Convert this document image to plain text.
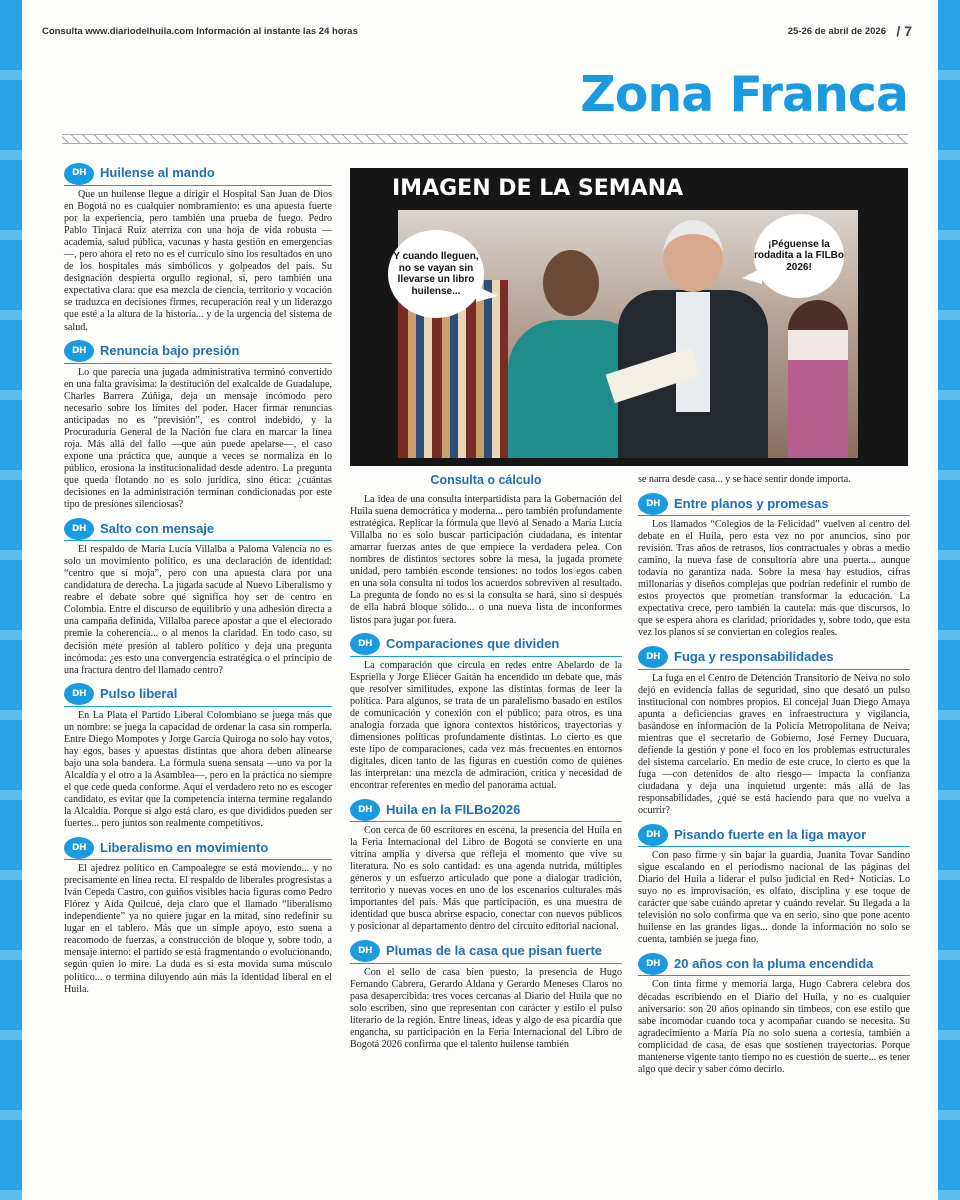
Consulta www.diariodelhuila.com Información al instante las 24 horas	25-26 de abril de 2026 / 7
Zona Franca
IMAGEN DE LA SEMANA
Y cuando lleguen, no se vayan sin llevarse un libro huilense...
¡Péguense la rodadita a la FILBo 2026!
DH	Huilense al mando

Que un huilense llegue a dirigir el Hospital San Juan de Dios en Bogotá no es cualquier nombramiento: es una apuesta fuerte por la experiencia, pero también una prueba de fuego. Pedro Pablo Tinjacá Ruiz aterriza con una hoja de vida robusta —academia, salud pública, vacunas y hasta gestión en emergencias—, pero ahora el reto no es el currículo sino los resultados en uno de los hospitales más simbólicos y golpeados del país. Su designación despierta orgullo regional, sí, pero también una expectativa clara: que esa mezcla de ciencia, territorio y vocación se traduzca en decisiones firmes, recuperación real y un liderazgo que esté a la altura de la historia... y de la urgencia del sistema de salud.

DH	Renuncia bajo presión

Lo que parecía una jugada administrativa terminó convertido en una falta gravísima: la destitución del exalcalde de Guadalupe, Charles Barrera Zúñiga, deja un mensaje incómodo pero necesario sobre los límites del poder. Hacer firmar renuncias anticipadas no es “previsión”, es control indebido, y la Procuraduría General de la Nación fue clara en marcar la línea roja. Más allá del fallo —que aún puede apelarse—, el caso expone una práctica que, aunque a veces se normaliza en lo público, erosiona la institucionalidad desde adentro. La pregunta que queda flotando no es solo jurídica, sino ética: ¿cuántas decisiones en la administración terminan condicionadas por este tipo de presiones silenciosas?

DH	Salto con mensaje

El respaldo de María Lucía Villalba a Paloma Valencia no es solo un movimiento político, es una declaración de identidad: “centro que sí moja”, pero con una apuesta clara por una candidatura de derecha. La jugada sacude al Nuevo Liberalismo y reabre el debate sobre qué significa hoy ser de centro en Colombia. Entre el discurso de equilibrio y una adhesión directa a una campaña definida, Villalba parece apostar a que el electorado premie la coherencia... o al menos la claridad. En todo caso, su decisión mete presión al tablero político y deja una pregunta incómoda: ¿es esto una convergencia estratégica o el principio de una fractura dentro del llamado centro?

DH	Pulso liberal

En La Plata el Partido Liberal Colombiano se juega más que un nombre: se juega la capacidad de ordenar la casa sin romperla. Entre Diego Mompotes y Jorge García Quiroga no solo hay votos, hay egos, bases y apuestas distintas que ahora deben alinearse bajo una sola bandera. La fórmula suena sensata —uno va por la Alcaldía y el otro a la Asamblea—, pero en la práctica no siempre el que cede queda conforme. Aquí el verdadero reto no es escoger candidato, es evitar que la competencia interna termine regalando la Alcaldía. Porque si algo está claro, es que divididos pueden ser fuertes... pero juntos son realmente competitivos.

DH	Liberalismo en movimiento

El ajedrez político en Campoalegre se está moviendo... y no precisamente en línea recta. El respaldo de liberales progresistas a Iván Cepeda Castro, con guiños visibles hacia figuras como Pedro Flórez y Aida Quilcué, deja claro que el llamado “liberalismo independiente” ya no quiere jugar en la mitad, sino redefinir su lugar en el tablero. Más que un simple apoyo, esto suena a reacomodo de fuerzas, a construcción de bloque y, sobre todo, a mensaje interno: el partido se está fragmentando o evolucionando, según quien lo mire. La duda es si esta movida suma músculo político... o termina diluyendo aún más la identidad liberal en el Huila.

Consulta o cálculo

La idea de una consulta interpartidista para la Gobernación del Huila suena democrática y moderna... pero también profundamente estratégica. Replicar la fórmula que llevó al Senado a María Lucía Villalba no es solo buscar participación ciudadana, es intentar amarrar fuerzas antes de que empiece la verdadera pelea. Con nombres de distintos sectores sobre la mesa, la jugada promete unidad, pero también esconde tensiones: no todos los egos caben en una sola consulta ni todos los acuerdos sobreviven al resultado. La pregunta de fondo no es si la consulta se hará, sino si después de ella habrá bloque sólido... o una nueva lista de inconformes listos para jugar por fuera.

DH	Comparaciones que dividen

La comparación que circula en redes entre Abelardo de la Espriella y Jorge Eliécer Gaitán ha encendido un debate que, más que resolver similitudes, expone las distintas formas de leer la política. Para algunos, se trata de un paralelismo basado en estilos de comunicación y conexión con el público; para otros, es una analogía forzada que ignora contextos históricos, trayectorias y dimensiones políticas profundamente distintas. Lo cierto es que este tipo de comparaciones, cada vez más frecuentes en entornos digitales, dicen tanto de las figuras en cuestión como de quienes las interpretan: una mezcla de admiración, crítica y necesidad de encontrar referentes en medio del panorama actual.

DH	Huila en la FILBo2026

Con cerca de 60 escritores en escena, la presencia del Huila en la Feria Internacional del Libro de Bogotá se convierte en una vitrina amplia y diversa que refleja el momento que vive su literatura. No es solo cantidad: es una agenda nutrida, múltiples géneros y un esfuerzo articulado que pone a dialogar tradición, territorio y nuevas voces en uno de los escenarios culturales más importantes del país. Más que participación, es una muestra de identidad que busca abrirse espacio, conectar con nuevos públicos y posicionar al departamento dentro del circuito editorial nacional.

DH	Plumas de la casa que pisan fuerte

Con el sello de casa bien puesto, la presencia de Hugo Fernando Cabrera, Gerardo Aldana y Gerardo Meneses Claros no pasa desapercibida: tres voces cercanas al Diario del Huila que no solo escriben, sino que representan con carácter y estilo el pulso literario de la región. Entre líneas, ideas y algo de esa picardía que engancha, su participación en la Feria Internacional del Libro de Bogotá 2026 confirma que el talento huilense también

se narra desde casa... y se hace sentir donde importa.

DH	Entre planos y promesas

Los llamados “Colegios de la Felicidad” vuelven al centro del debate en el Huila, pero esta vez no por anuncios, sino por revisión. Tras años de retrasos, líos contractuales y obras a medio camino, la nueva fase de consultoría abre una puerta... aunque todavía no garantiza nada. Sobre la mesa hay estudios, cifras millonarias y diseños complejas que podrían redefinir el rumbo de estos proyectos que prometían transformar la educación. La expectativa crece, pero también la cautela: más que discursos, lo que se espera ahora es claridad, prioridades y, sobre todo, que esta vez los planos sí se conviertan en colegios reales.

DH	Fuga y responsabilidades

La fuga en el Centro de Detención Transitorio de Neiva no solo dejó en evidencia fallas de seguridad, sino que desató un pulso institucional con nombres propios. El concejal Juan Diego Amaya apunta a deficiencias graves en infraestructura y vigilancia, basándose en información de la Policía Metropolitana de Neiva; mientras que el secretario de Gobierno, José Ferney Ducuara, defiende la gestión y pone el foco en los problemas estructurales del sistema carcelario. En medio de este cruce, lo cierto es que la fuga —con detenidos de alto riesgo— impacta la confianza ciudadana y deja una inquietud urgente: más allá de las responsabilidades, ¿qué se está haciendo para que no vuelva a ocurrir?

DH	Pisando fuerte en la liga mayor

Con paso firme y sin bajar la guardia, Juanita Tovar Sandino sigue escalando en el periodismo nacional de las páginas del Diario del Huila a liderar el pulso judicial en Red+ Noticias. Lo suyo no es improvisación, es olfato, disciplina y ese toque de carácter que sabe cuándo apretar y cuándo revelar. Su llegada a la televisión no solo confirma que va en serio, sino que pone acento huilense en las grandes ligas... donde la información no solo se cuenta, también se juega fino.

DH	20 años con la pluma encendida

Con tinta firme y memoria larga, Hugo Cabrera celebra dos décadas escribiendo en el Diario del Huila, y no es cualquier aniversario: son 20 años opinando sin timbeos, con ese estilo que sabe incomodar cuando toca y acompañar cuando se necesita. Su agradecimiento a María Pía no solo suena a cortesía, también a complicidad de casa, de esas que sostienen trayectorias. Porque mantenerse vigente tanto tiempo no es cuestión de suerte... es tener algo que decir y saber cómo decirlo.
